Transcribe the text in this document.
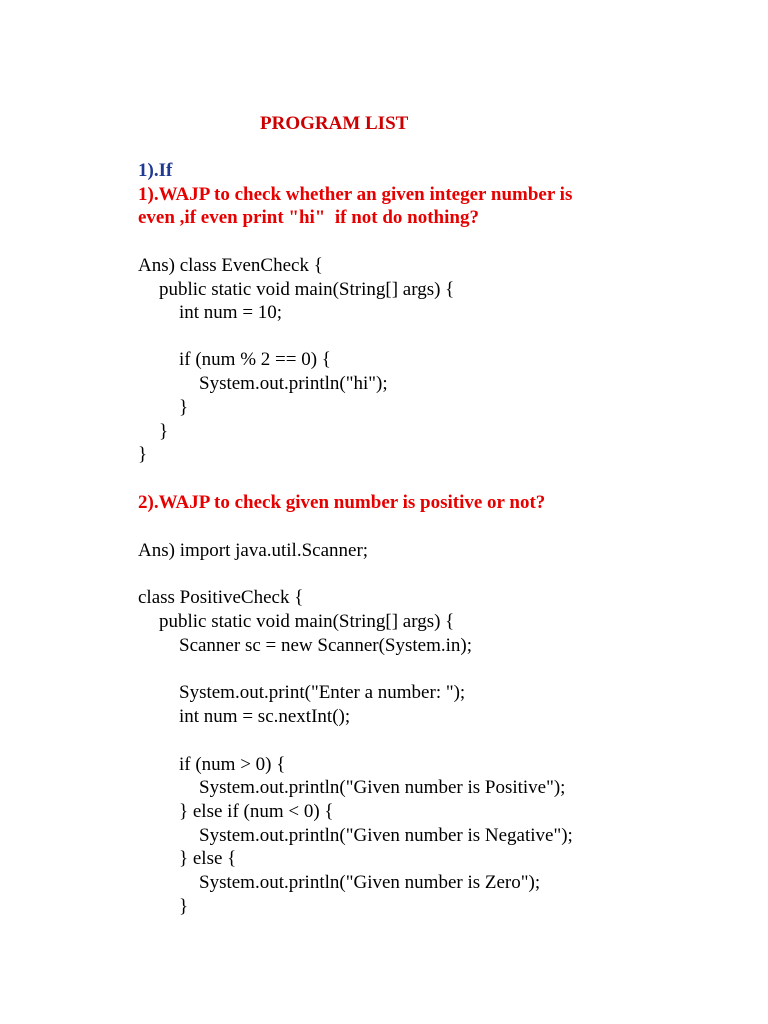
PROGRAM LIST

1).If

1).WAJP to check whether an given integer number is

even ,if even print "hi"  if not do nothing?

Ans) class EvenCheck {

public static void main(String[] args) {

int num = 10;

if (num % 2 == 0) {

System.out.println("hi");

}

}

}

2).WAJP to check given number is positive or not?

Ans) import java.util.Scanner;

class PositiveCheck {

public static void main(String[] args) {

Scanner sc = new Scanner(System.in);

System.out.print("Enter a number: ");

int num = sc.nextInt();

if (num > 0) {

System.out.println("Given number is Positive");

} else if (num < 0) {

System.out.println("Given number is Negative");

} else {

System.out.println("Given number is Zero");

}
